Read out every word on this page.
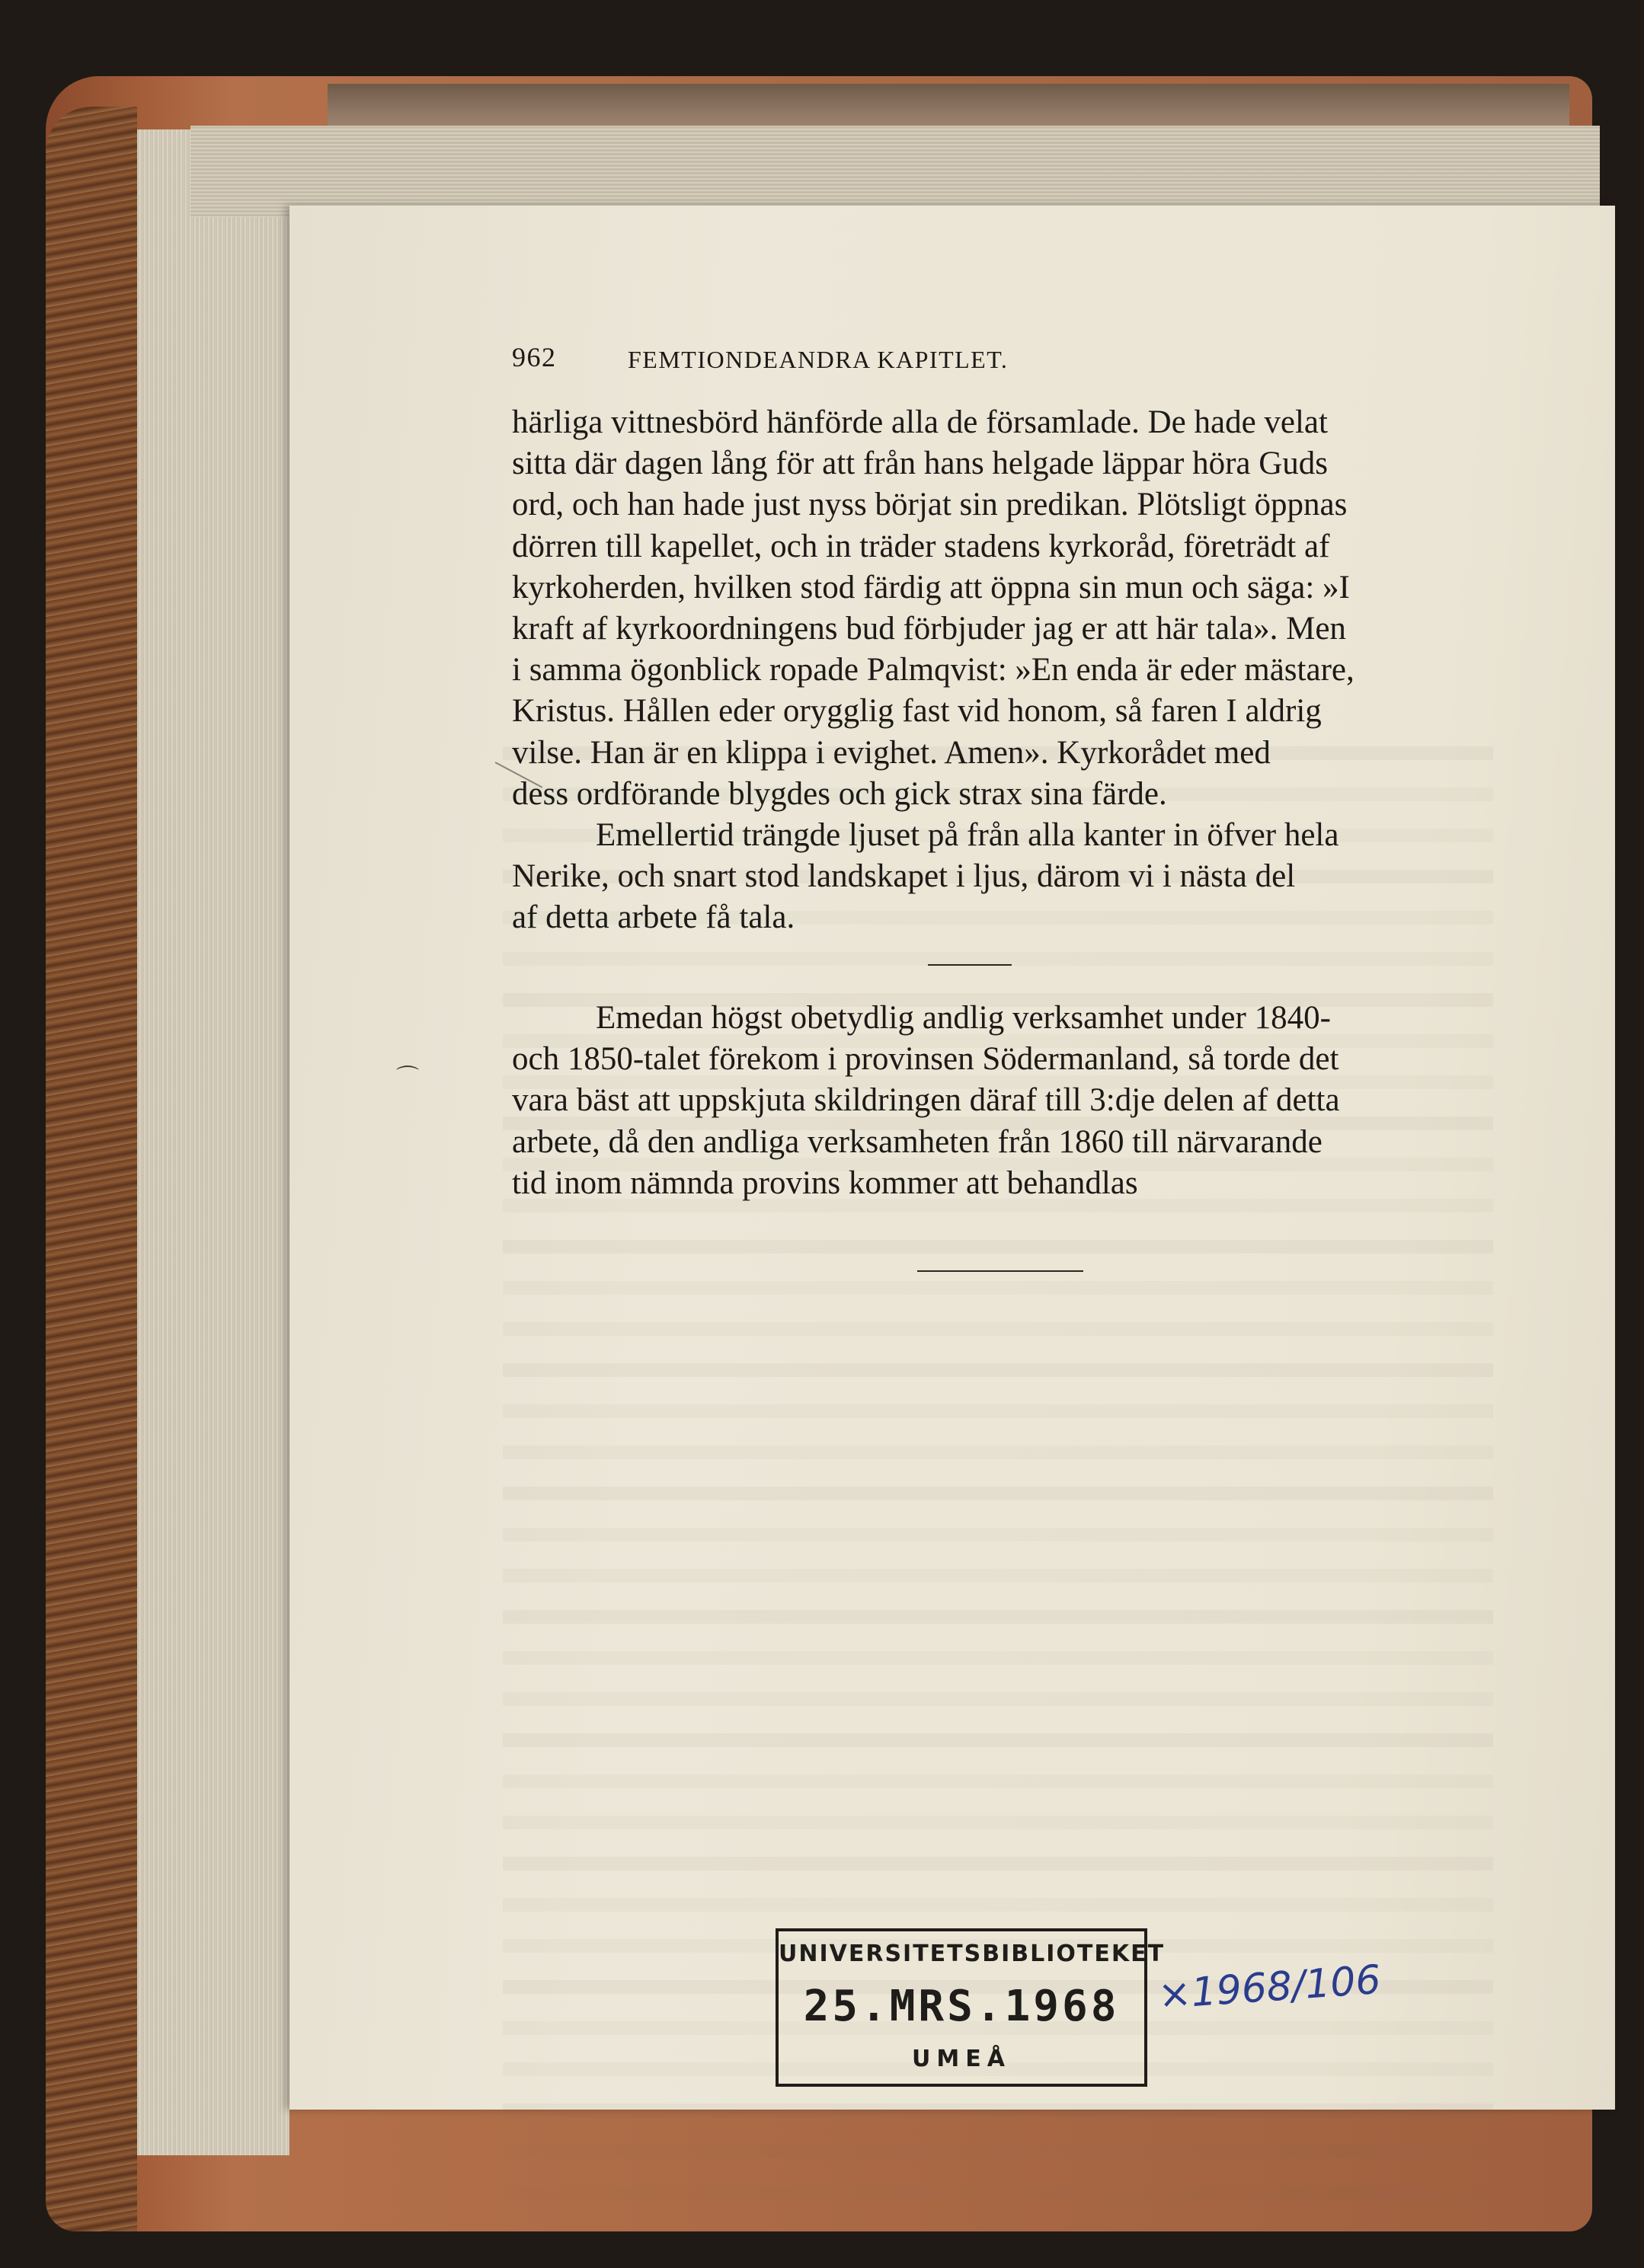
962	FEMTIONDEANDRA KAPITLET.
härliga vittnesbörd hänförde alla de församlade. De hade velat
sitta där dagen lång för att från hans helgade läppar höra Guds
ord, och han hade just nyss börjat sin predikan. Plötsligt öppnas
dörren till kapellet, och in träder stadens kyrkoråd, företrädt af
kyrkoherden, hvilken stod färdig att öppna sin mun och säga: »I
kraft af kyrkoordningens bud förbjuder jag er att här tala». Men
i samma ögonblick ropade Palmqvist: »En enda är eder mästare,
Kristus. Hållen eder orygglig fast vid honom, så faren I aldrig
vilse. Han är en klippa i evighet. Amen». Kyrkorådet med
dess ordförande blygdes och gick strax sina färde.
Emellertid trängde ljuset på från alla kanter in öfver hela
Nerike, och snart stod landskapet i ljus, därom vi i nästa del
af detta arbete få tala.
Emedan högst obetydlig andlig verksamhet under 1840-
och 1850-talet förekom i provinsen Södermanland, så torde det
vara bäst att uppskjuta skildringen däraf till 3:dje delen af detta
arbete, då den andliga verksamheten från 1860 till närvarande
tid inom nämnda provins kommer att behandlas
⌒
UNIVERSITETSBIBLIOTEKET
25.MRS.1968
UMEÅ
×1968/106
